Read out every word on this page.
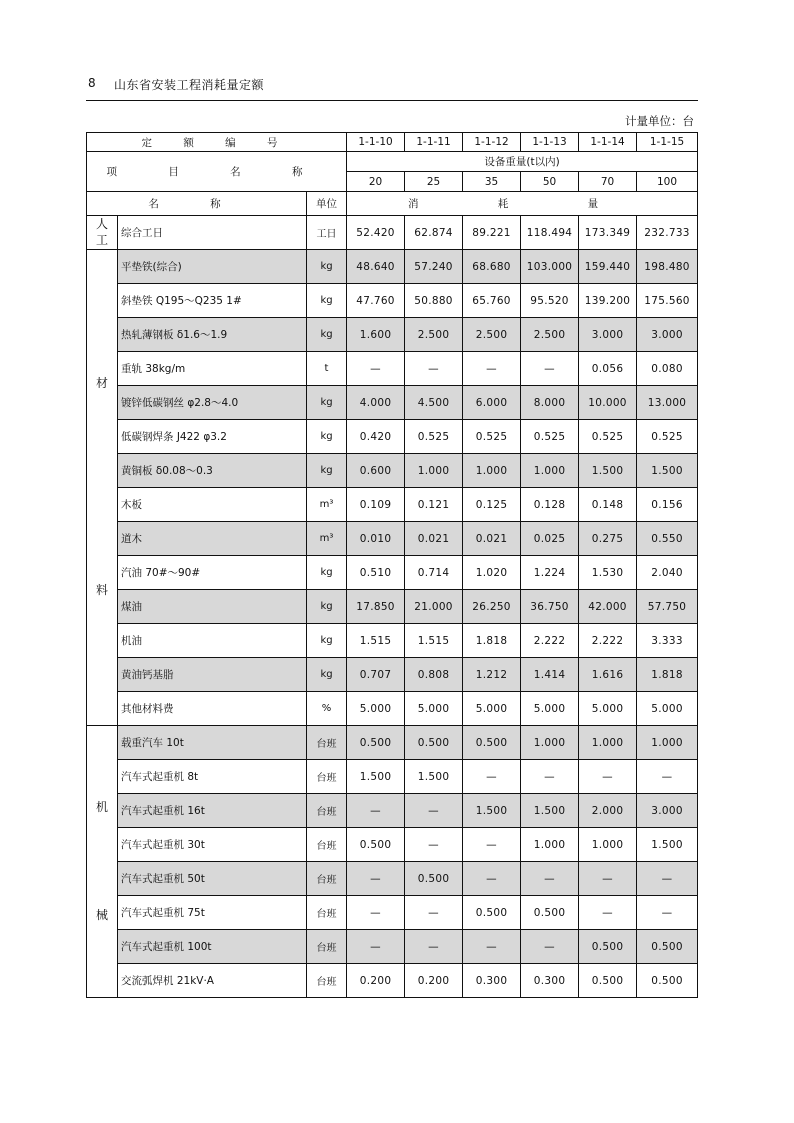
8 山东省安装工程消耗量定额
计量单位：台
定 额 编 号			1-1-10	1-1-11	1-1-12	1-1-13	1-1-14	1-1-15
项 目 名 称			设备重量(t以内)					
			20	25	35	50	70	100
名 称		单位	消 耗 量					

人
工	综合工日	工日	52.420	62.874	89.221	118.494	173.349	232.733

材
料	平垫铁(综合)	kg	48.640	57.240	68.680	103.000	159.440	198.480
	斜垫铁 Q195～Q235 1#	kg	47.760	50.880	65.760	95.520	139.200	175.560
	热轧薄钢板 δ1.6～1.9	kg	1.600	2.500	2.500	2.500	3.000	3.000
	重轨 38kg/m	t	—	—	—	—	0.056	0.080
	镀锌低碳钢丝 φ2.8～4.0	kg	4.000	4.500	6.000	8.000	10.000	13.000
	低碳钢焊条 J422 φ3.2	kg	0.420	0.525	0.525	0.525	0.525	0.525
	黄铜板 δ0.08～0.3	kg	0.600	1.000	1.000	1.000	1.500	1.500
	木板	m³	0.109	0.121	0.125	0.128	0.148	0.156
	道木	m³	0.010	0.021	0.021	0.025	0.275	0.550
	汽油 70#～90#	kg	0.510	0.714	1.020	1.224	1.530	2.040
	煤油	kg	17.850	21.000	26.250	36.750	42.000	57.750
	机油	kg	1.515	1.515	1.818	2.222	2.222	3.333
	黄油钙基脂	kg	0.707	0.808	1.212	1.414	1.616	1.818
	其他材料费	%	5.000	5.000	5.000	5.000	5.000	5.000

机
械	载重汽车 10t	台班	0.500	0.500	0.500	1.000	1.000	1.000
	汽车式起重机 8t	台班	1.500	1.500	—	—	—	—
	汽车式起重机 16t	台班	—	—	1.500	1.500	2.000	3.000
	汽车式起重机 30t	台班	0.500	—	—	1.000	1.000	1.500
	汽车式起重机 50t	台班	—	0.500	—	—	—	—
	汽车式起重机 75t	台班	—	—	0.500	0.500	—	—
	汽车式起重机 100t	台班	—	—	—	—	0.500	0.500
	交流弧焊机 21kV·A	台班	0.200	0.200	0.300	0.300	0.500	0.500
